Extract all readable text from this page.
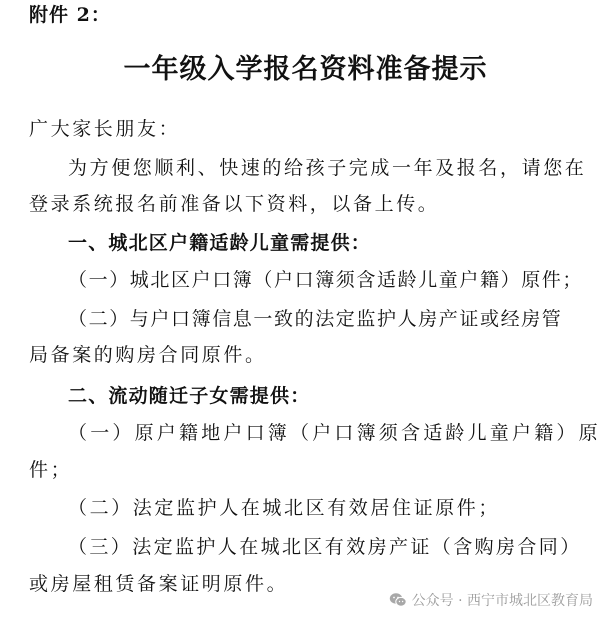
附件 2：

一年级入学报名资料准备提示

广大家长朋友：

为方便您顺利、快速的给孩子完成一年及报名，请您在

登录系统报名前准备以下资料，以备上传。

一、城北区户籍适龄儿童需提供：

（一）城北区户口簿（户口簿须含适龄儿童户籍）原件；

（二）与户口簿信息一致的法定监护人房产证或经房管

局备案的购房合同原件。

二、流动随迁子女需提供：

（一）原户籍地户口簿（户口簿须含适龄儿童户籍）原

件；

（二）法定监护人在城北区有效居住证原件；

（三）法定监护人在城北区有效房产证（含购房合同）

或房屋租赁备案证明原件。

公众号 · 西宁市城北区教育局
